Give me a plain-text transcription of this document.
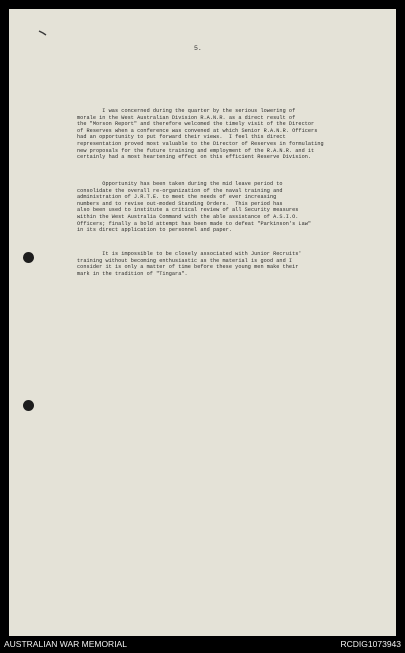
5.
I was concerned during the quarter by the serious lowering of
morale in the West Australian Division R.A.N.R. as a direct result of
the "Morson Report" and therefore welcomed the timely visit of the Director
of Reserves when a conference was convened at which Senior R.A.N.R. Officers
had an opportunity to put forward their views.  I feel this direct
representation proved most valuable to the Director of Reserves in formulating
new proposals for the future training and employment of the R.A.N.R. and it
certainly had a most heartening effect on this efficient Reserve Division.
Opportunity has been taken during the mid leave period to
consolidate the overall re-organization of the naval training and
administration of J.R.T.E. to meet the needs of ever increasing
numbers and to revise out-moded Standing Orders.  This period has
also been used to institute a critical review of all Security measures
within the West Australia Command with the able assistance of A.S.I.O.
Officers; finally a bold attempt has been made to defeat "Parkinson's Law"
in its direct application to personnel and paper.
It is impossible to be closely associated with Junior Recruits'
training without becoming enthusiastic as the material is good and I
consider it is only a matter of time before these young men make their
mark in the tradition of "Tingara".
AUSTRALIAN WAR MEMORIAL	RCDIG1073943
